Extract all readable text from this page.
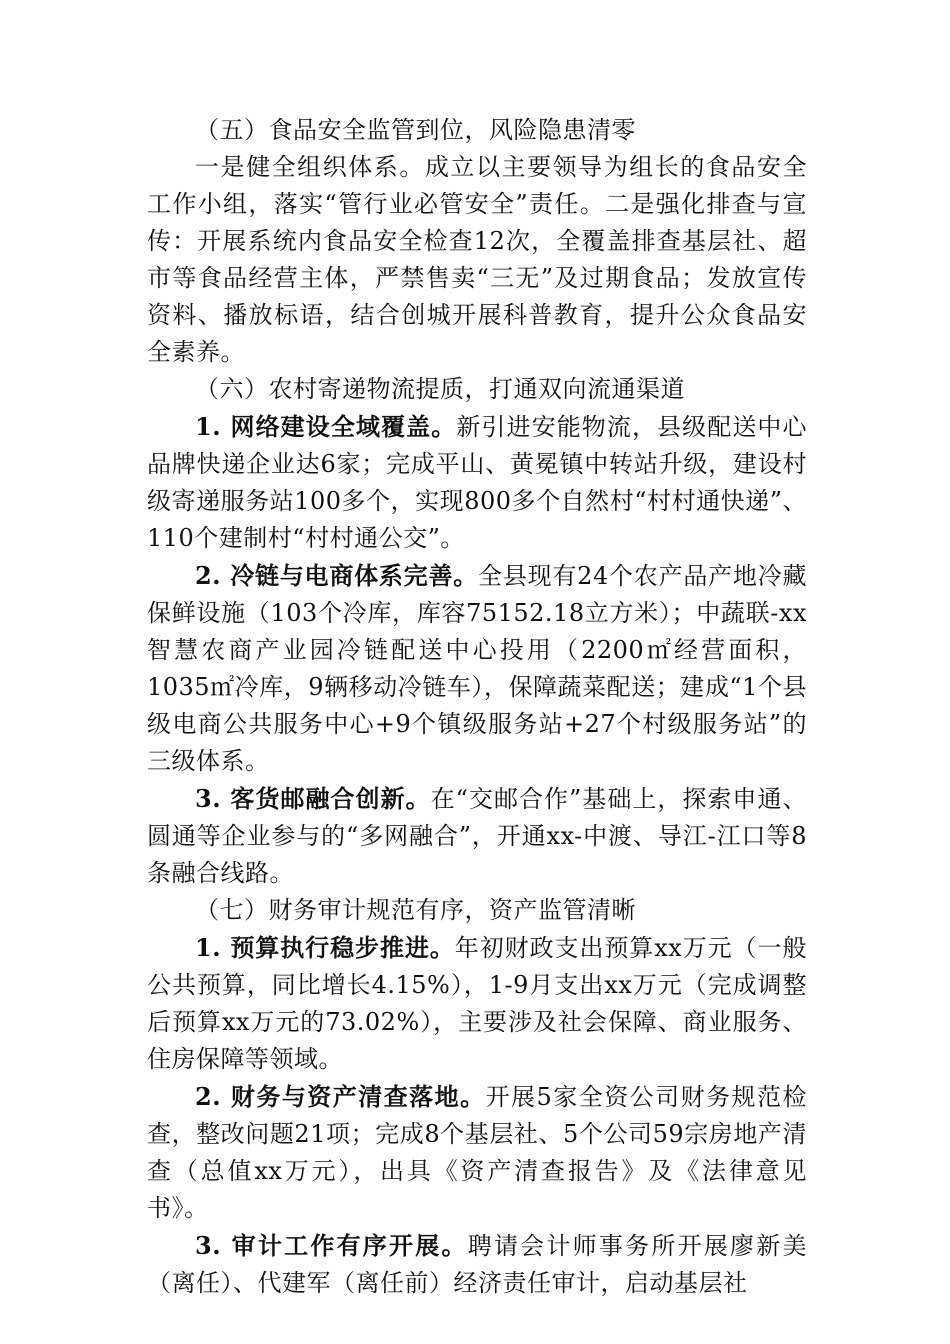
（五）食品安全监管到位，风险隐患清零

一是健全组织体系。成立以主要领导为组长的食品安全工作小组，落实“管行业必管安全”责任。二是强化排查与宣传：开展系统内食品安全检查12次，全覆盖排查基层社、超市等食品经营主体，严禁售卖“三无”及过期食品；发放宣传资料、播放标语，结合创城开展科普教育，提升公众食品安全素养。

（六）农村寄递物流提质，打通双向流通渠道

1. 网络建设全域覆盖。新引进安能物流，县级配送中心品牌快递企业达6家；完成平山、黄冕镇中转站升级，建设村级寄递服务站100多个，实现800多个自然村“村村通快递”、110个建制村“村村通公交”。

2. 冷链与电商体系完善。全县现有24个农产品产地冷藏保鲜设施（103个冷库，库容75152.18立方米）；中蔬联-xx智慧农商产业园冷链配送中心投用（2200㎡经营面积，1035㎡冷库，9辆移动冷链车），保障蔬菜配送；建成“1个县级电商公共服务中心+9个镇级服务站+27个村级服务站”的三级体系。

3. 客货邮融合创新。在“交邮合作”基础上，探索申通、圆通等企业参与的“多网融合”，开通xx-中渡、导江-江口等8条融合线路。

（七）财务审计规范有序，资产监管清晰

1. 预算执行稳步推进。年初财政支出预算xx万元（一般公共预算，同比增长4.15%），1-9月支出xx万元（完成调整后预算xx万元的73.02%），主要涉及社会保障、商业服务、住房保障等领域。

2. 财务与资产清查落地。开展5家全资公司财务规范检查，整改问题21项；完成8个基层社、5个公司59宗房地产清查（总值xx万元），出具《资产清查报告》及《法律意见书》。

3. 审计工作有序开展。聘请会计师事务所开展廖新美（离任）、代建军（离任前）经济责任审计，启动基层社
